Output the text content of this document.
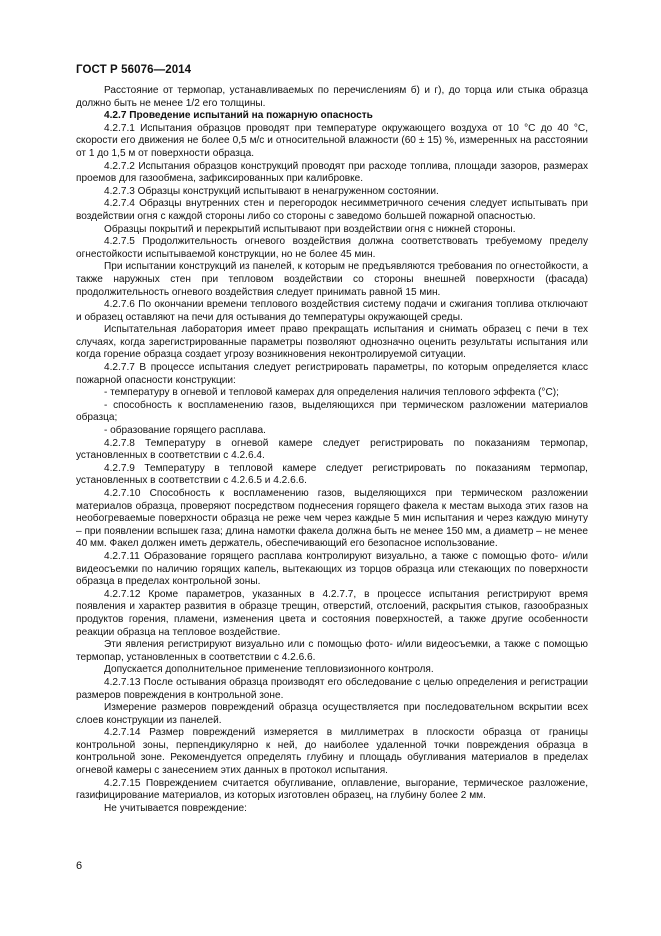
ГОСТ Р 56076—2014

Расстояние от термопар, устанавливаемых по перечислениям б) и г), до торца или стыка образца должно быть не менее 1/2 его толщины.

4.2.7 Проведение испытаний на пожарную опасность

4.2.7.1 Испытания образцов проводят при температуре окружающего воздуха от 10 °С до 40 °С, скорости его движения не более 0,5 м/с и относительной влажности (60 ± 15) %, измеренных на расстоянии от 1 до 1,5 м от поверхности образца.

4.2.7.2 Испытания образцов конструкций проводят при расходе топлива, площади зазоров, размерах проемов для газообмена, зафиксированных при калибровке.

4.2.7.3 Образцы конструкций испытывают в ненагруженном состоянии.

4.2.7.4 Образцы внутренних стен и перегородок несимметричного сечения следует испытывать при воздействии огня с каждой стороны либо со стороны с заведомо большей пожарной опасностью.

Образцы покрытий и перекрытий испытывают при воздействии огня с нижней стороны.

4.2.7.5 Продолжительность огневого воздействия должна соответствовать требуемому пределу огнестойкости испытываемой конструкции, но не более 45 мин.

При испытании конструкций из панелей, к которым не предъявляются требования по огнестойкости, а также наружных стен при тепловом воздействии со стороны внешней поверхности (фасада) продолжительность огневого воздействия следует принимать равной 15 мин.

4.2.7.6 По окончании времени теплового воздействия систему подачи и сжигания топлива отключают и образец оставляют на печи для остывания до температуры окружающей среды.

Испытательная лаборатория имеет право прекращать испытания и снимать образец с печи в тех случаях, когда зарегистрированные параметры позволяют однозначно оценить результаты испытания или когда горение образца создает угрозу возникновения неконтролируемой ситуации.

4.2.7.7 В процессе испытания следует регистрировать параметры, по которым определяется класс пожарной опасности конструкции:

- температуру в огневой и тепловой камерах для определения наличия теплового эффекта (°С);

- способность к воспламенению газов, выделяющихся при термическом разложении материалов образца;

- образование горящего расплава.

4.2.7.8 Температуру в огневой камере следует регистрировать по показаниям термопар, установленных в соответствии с 4.2.6.4.

4.2.7.9 Температуру в тепловой камере следует регистрировать по показаниям термопар, установленных в соответствии с 4.2.6.5 и 4.2.6.6.

4.2.7.10 Способность к воспламенению газов, выделяющихся при термическом разложении материалов образца, проверяют посредством поднесения горящего факела к местам выхода этих газов на необогреваемые поверхности образца не реже чем через каждые 5 мин испытания и через каждую минуту – при появлении вспышек газа; длина намотки факела должна быть не менее 150 мм, а диаметр – не менее 40 мм. Факел должен иметь держатель, обеспечивающий его безопасное использование.

4.2.7.11 Образование горящего расплава контролируют визуально, а также с помощью фото- и/или видеосъемки по наличию горящих капель, вытекающих из торцов образца или стекающих по поверхности образца в пределах контрольной зоны.

4.2.7.12 Кроме параметров, указанных в 4.2.7.7, в процессе испытания регистрируют время появления и характер развития в образце трещин, отверстий, отслоений, раскрытия стыков, газообразных продуктов горения, пламени, изменения цвета и состояния поверхностей, а также другие особенности реакции образца на тепловое воздействие.

Эти явления регистрируют визуально или с помощью фото- и/или видеосъемки, а также с помощью термопар, установленных в соответствии с 4.2.6.6.

Допускается дополнительное применение тепловизионного контроля.

4.2.7.13 После остывания образца производят его обследование с целью определения и регистрации размеров повреждения в контрольной зоне.

Измерение размеров повреждений образца осуществляется при последовательном вскрытии всех слоев конструкции из панелей.

4.2.7.14 Размер повреждений измеряется в миллиметрах в плоскости образца от границы контрольной зоны, перпендикулярно к ней, до наиболее удаленной точки повреждения образца в контрольной зоне. Рекомендуется определять глубину и площадь обугливания материалов в пределах огневой камеры с занесением этих данных в протокол испытания.

4.2.7.15 Повреждением считается обугливание, оплавление, выгорание, термическое разложение, газифицирование материалов, из которых изготовлен образец, на глубину более 2 мм.

Не учитывается повреждение:

6
